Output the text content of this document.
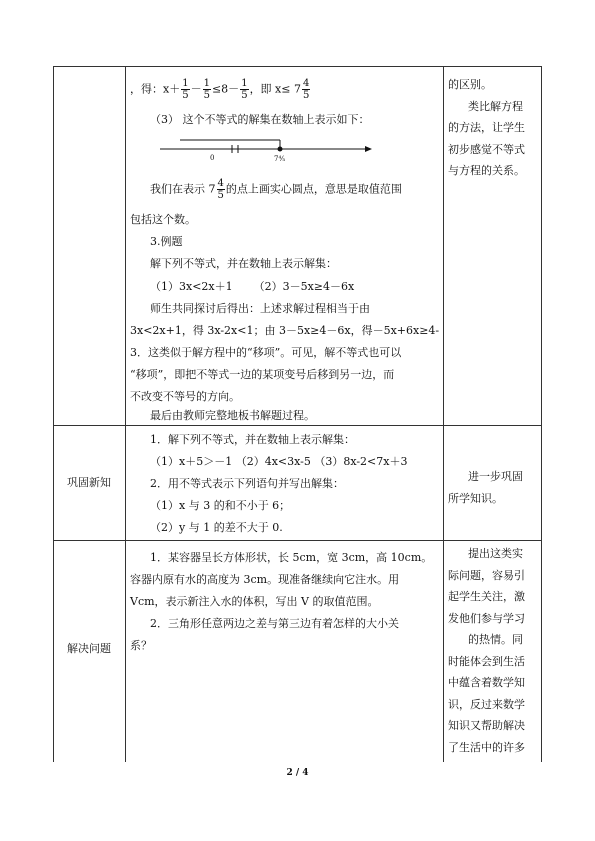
，得：$x+ \frac{1}{5} - \frac{1}{5} \le 8- \frac{1}{5}$ ，即 $x\le 7 \frac{4}{5}$
（3） 这个不等式的解集在数轴上表示如下：
0	7⅘
我们在表示 $7 \frac{4}{5}$ 的点上画实心圆点，意思是取值范围
包括这个数。
3.例题
解下列不等式，并在数轴上表示解集：
（1）3x<2x＋1      （2）3－5x≥4－6x
师生共同探讨后得出：上述求解过程相当于由
3x<2x+1，得 3x-2x<1；由 3－5x≥4－6x，得－5x+6x≥4-
3．这类似于解方程中的“移项”。可见，解不等式也可以
“移项”，即把不等式一边的某项变号后移到另一边，而
不改变不等号的方向。
最后由教师完整地板书解题过程。
的区别。
类比解方程
的方法，让学生
初步感觉不等式
与方程的关系。
巩固新知
1．解下列不等式，并在数轴上表示解集：
（1）x＋5＞－1 （2）4x<3x-5 （3）8x-2<7x＋3
2．用不等式表示下列语句并写出解集：
（1）x 与 3 的和不小于 6；
（2）y 与 1 的差不大于 0.
进一步巩固
所学知识。
解决问题
1．某容器呈长方体形状，长 5cm，宽 3cm，高 10cm。
容器内原有水的高度为 3cm。现准备继续向它注水。用
Vcm，表示新注入水的体积，写出 V 的取值范围。
2．三角形任意两边之差与第三边有着怎样的大小关
系？
提出这类实
际问题，容易引
起学生关注，激
发他们参与学习
的热情。同
时能体会到生活
中蕴含着数学知
识，反过来数学
知识又帮助解决
了生活中的许多
2 / 4
